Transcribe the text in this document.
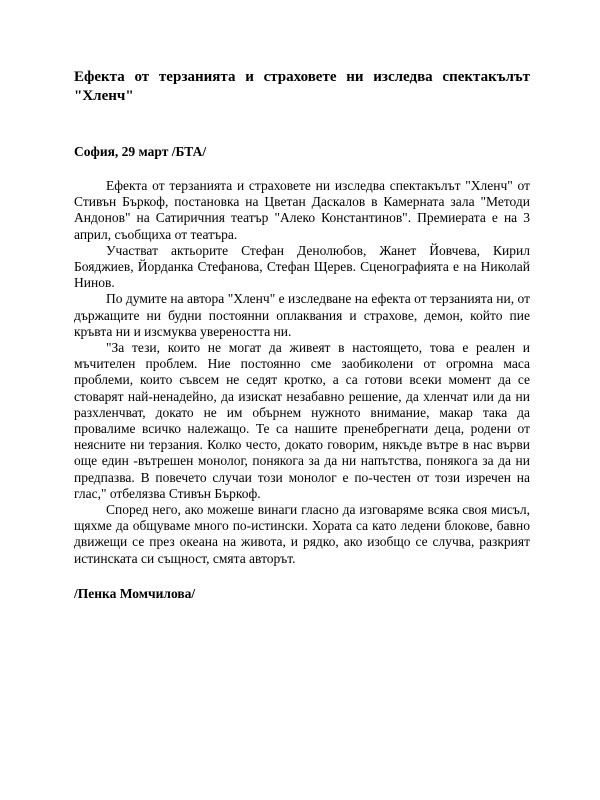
Ефекта от терзанията и страховете ни изследва спектакълът "Хленч"
София, 29 март /БТА/

Ефекта от терзанията и страховете ни изследва спектакълът "Хленч" от Стивън Бъркоф, постановка на Цветан Даскалов в Камерната зала "Методи Андонов" на Сатиричния театър "Алеко Константинов". Премиерата е на 3 април, съобщиха от театъра.

Участват актьорите Стефан Денолюбов, Жанет Йовчева, Кирил Бояджиев, Йорданка Стефанова, Стефан Щерев. Сценографията е на Николай Нинов.

По думите на автора "Хленч" е изследване на ефекта от терзанията ни, от държащите ни будни постоянни оплаквания и страхове, демон, който пие кръвта ни и изсмуква увереността ни.

"За тези, които не могат да живеят в настоящето, това е реален и мъчителен проблем. Ние постоянно сме заобиколени от огромна маса проблеми, които съвсем не седят кротко, а са готови всеки момент да се стоварят най-ненадейно, да изискат незабавно решение, да хленчат или да ни разхленчват, докато не им обърнем нужното внимание, макар така да провалиме всичко належащо. Те са нашите пренебрегнати деца, родени от неясните ни терзания. Колко често, докато говорим, някъде вътре в нас върви още един -вътрешен монолог, понякога за да ни напътства, понякога за да ни предпазва. В повечето случаи този монолог е по-честен от този изречен на глас," отбелязва Стивън Бъркоф.

Според него, ако можеше винаги гласно да изговаряме всяка своя мисъл, щяхме да общуваме много по-истински. Хората са като ледени блокове, бавно движещи се през океана на живота, и рядко, ако изобщо се случва, разкрият истинската си същност, смята авторът.

/Пенка Момчилова/
